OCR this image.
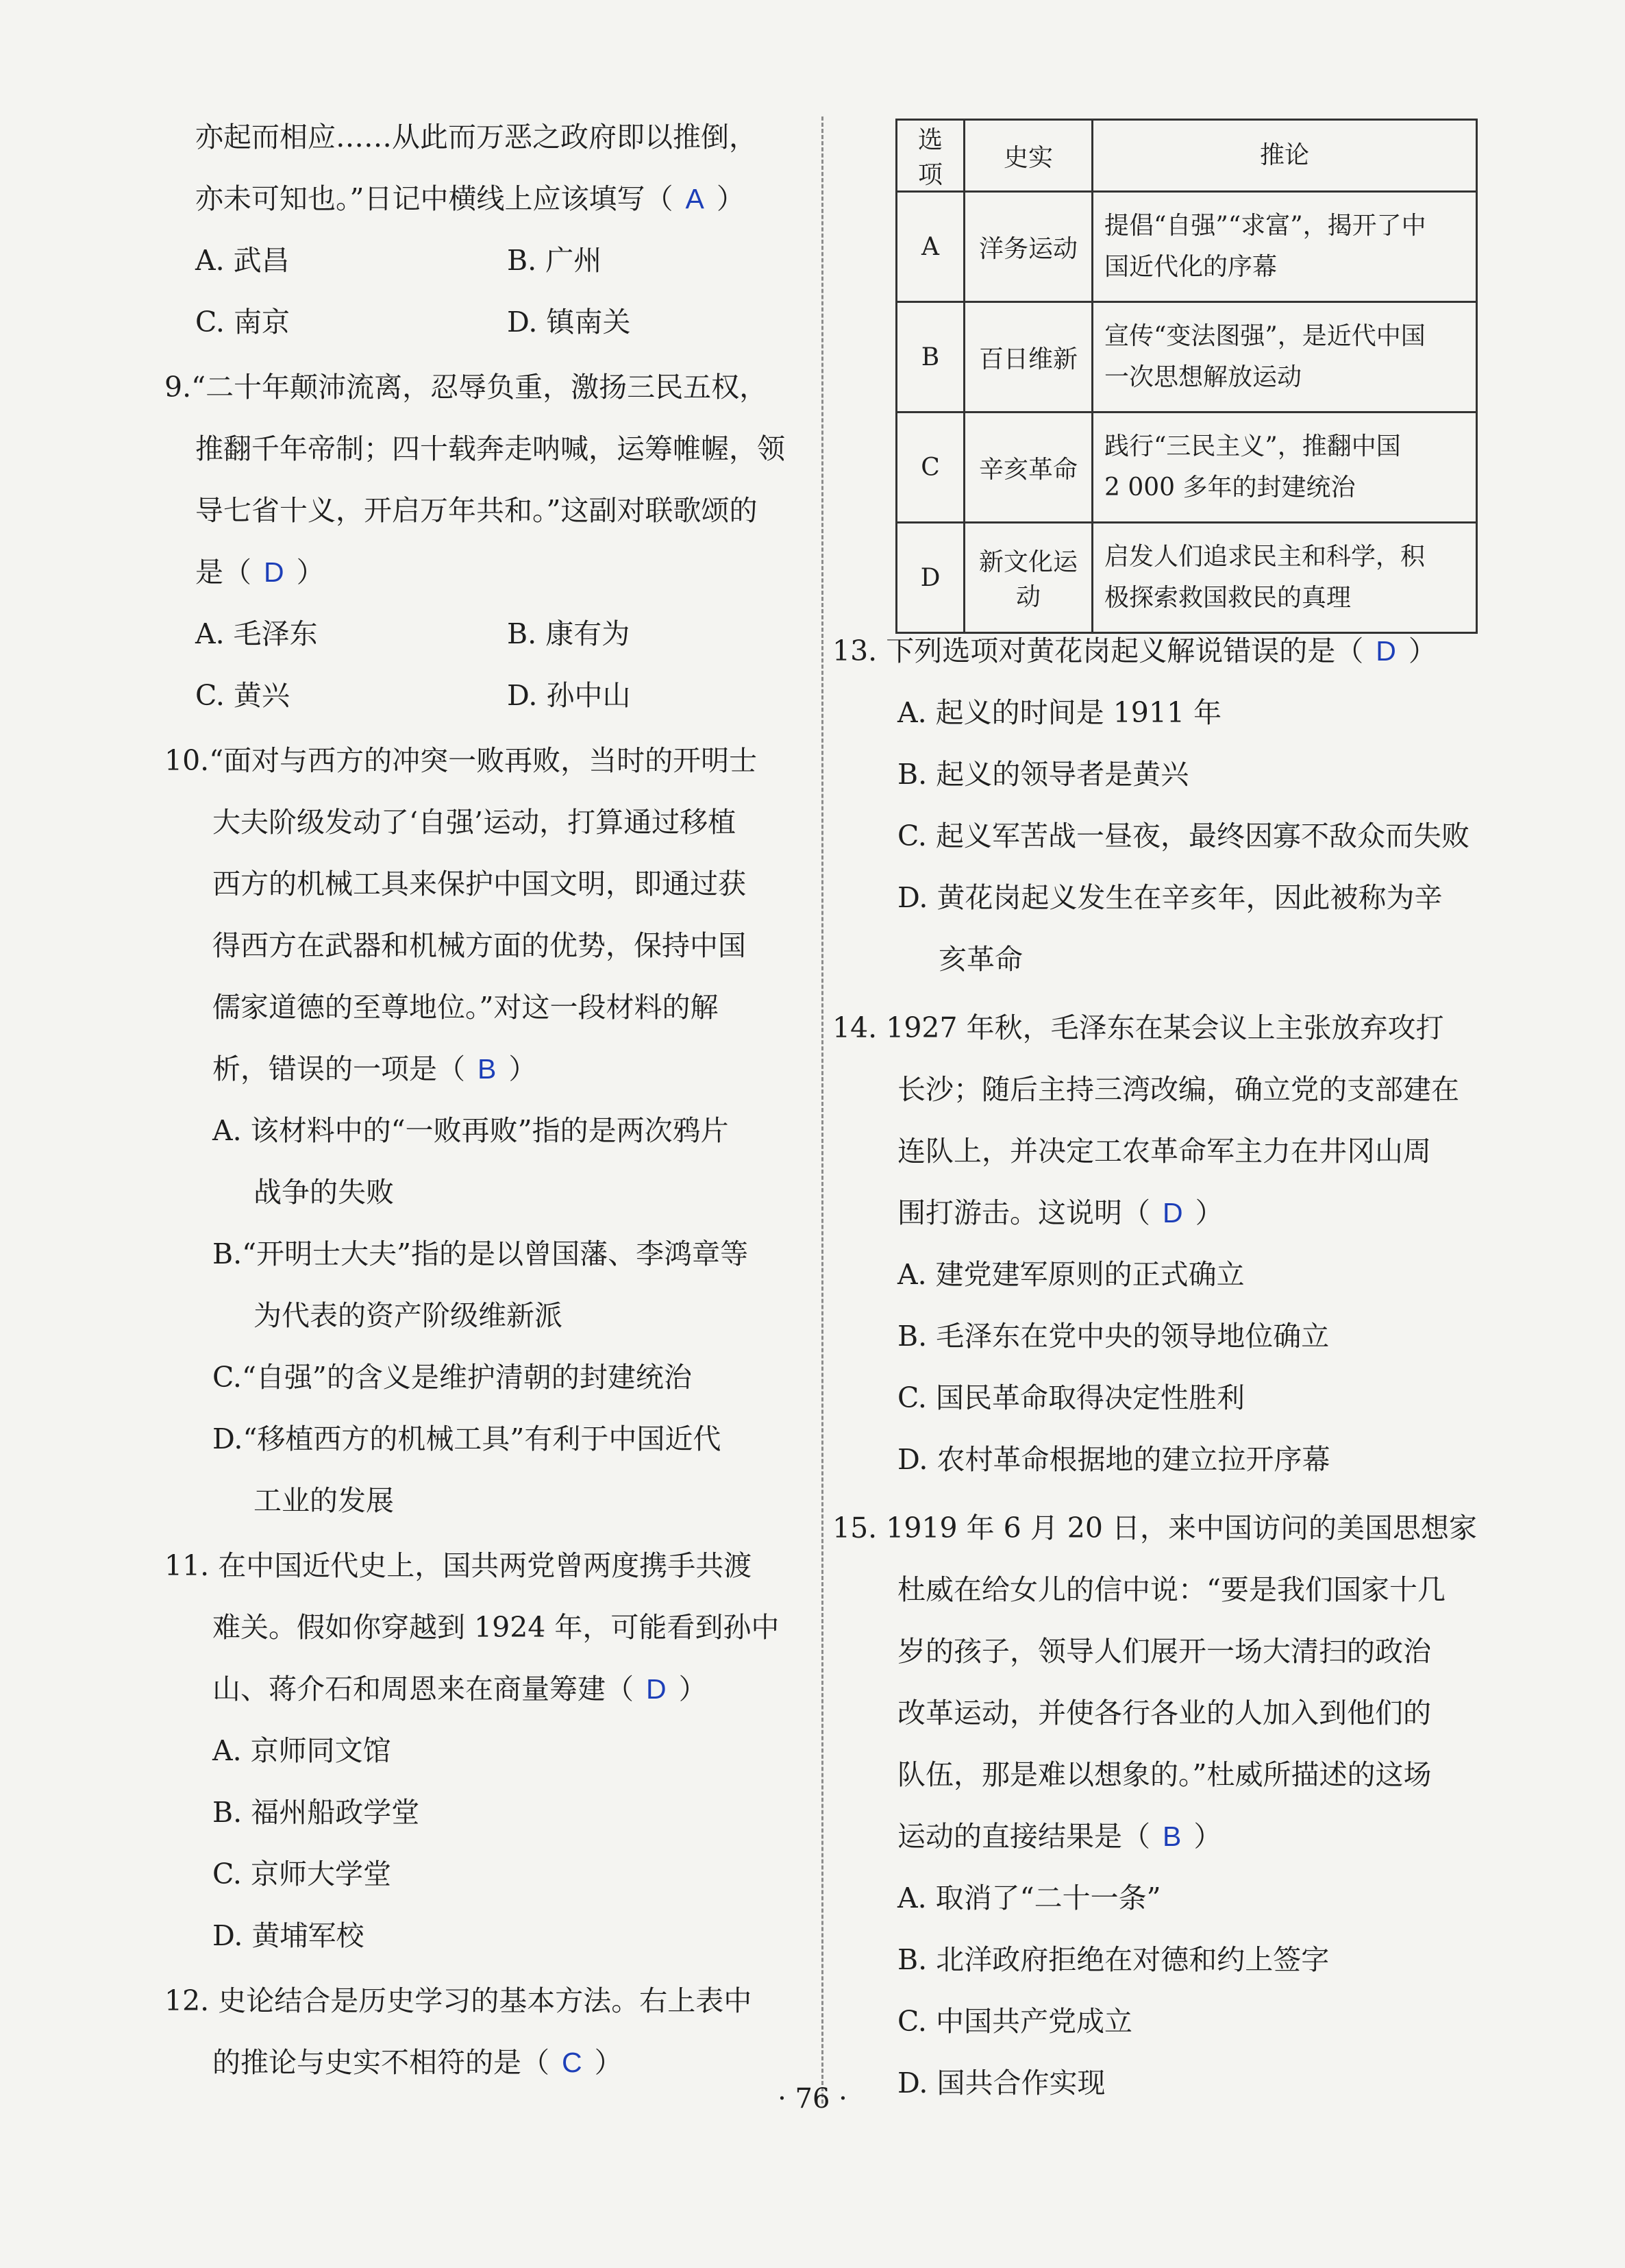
亦起而相应……从此而万恶之政府即以推倒，
亦未可知也。”日记中横线上应该填写（ A ）
A. 武昌	B. 广州
C. 南京	D. 镇南关
9.“二十年颠沛流离，忍辱负重，激扬三民五权，
推翻千年帝制；四十载奔走呐喊，运筹帷幄，领
导七省十义，开启万年共和。”这副对联歌颂的
是（ D ）
A. 毛泽东	B. 康有为
C. 黄兴	D. 孙中山
10.“面对与西方的冲突一败再败，当时的开明士
大夫阶级发动了‘自强’运动，打算通过移植
西方的机械工具来保护中国文明，即通过获
得西方在武器和机械方面的优势，保持中国
儒家道德的至尊地位。”对这一段材料的解
析，错误的一项是（ B ）
A. 该材料中的“一败再败”指的是两次鸦片
战争的失败
B.“开明士大夫”指的是以曾国藩、李鸿章等
为代表的资产阶级维新派
C.“自强”的含义是维护清朝的封建统治
D.“移植西方的机械工具”有利于中国近代
工业的发展
11. 在中国近代史上，国共两党曾两度携手共渡
难关。假如你穿越到 1924 年，可能看到孙中
山、蒋介石和周恩来在商量筹建（ D ）
A. 京师同文馆
B. 福州船政学堂
C. 京师大学堂
D. 黄埔军校
12. 史论结合是历史学习的基本方法。右上表中
的推论与史实不相符的是（ C ）
13. 下列选项对黄花岗起义解说错误的是（ D ）
A. 起义的时间是 1911 年
B. 起义的领导者是黄兴
C. 起义军苦战一昼夜，最终因寡不敌众而失败
D. 黄花岗起义发生在辛亥年，因此被称为辛
亥革命
14. 1927 年秋，毛泽东在某会议上主张放弃攻打
长沙；随后主持三湾改编，确立党的支部建在
连队上，并决定工农革命军主力在井冈山周
围打游击。这说明（ D ）
A. 建党建军原则的正式确立
B. 毛泽东在党中央的领导地位确立
C. 国民革命取得决定性胜利
D. 农村革命根据地的建立拉开序幕
15. 1919 年 6 月 20 日，来中国访问的美国思想家
杜威在给女儿的信中说：“要是我们国家十几
岁的孩子，领导人们展开一场大清扫的政治
改革运动，并使各行各业的人加入到他们的
队伍，那是难以想象的。”杜威所描述的这场
运动的直接结果是（ B ）
A. 取消了“二十一条”
B. 北洋政府拒绝在对德和约上签字
C. 中国共产党成立
D. 国共合作实现
选项	史实	推论
A	洋务运动	提倡“自强”“求富”，揭开了中
国近代化的序幕

B	百日维新	宣传“变法图强”，是近代中国
一次思想解放运动

C	辛亥革命	践行“三民主义”，推翻中国
2 000 多年的封建统治

D	新文化运动	启发人们追求民主和科学，积
极探索救国救民的真理
· 76 ·
